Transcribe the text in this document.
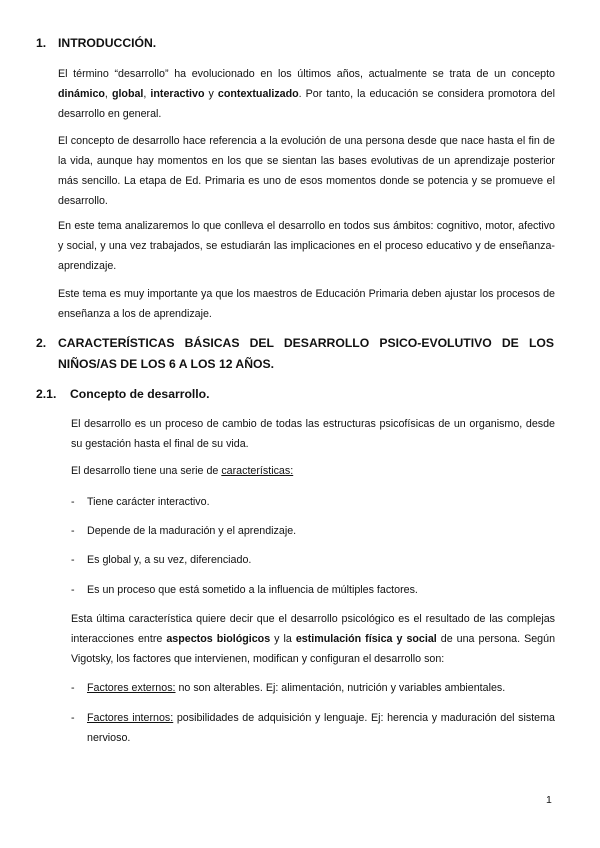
1. INTRODUCCIÓN.

El término “desarrollo” ha evolucionado en los últimos años, actualmente se trata de un concepto dinámico, global, interactivo y contextualizado. Por tanto, la educación se considera promotora del desarrollo en general.

El concepto de desarrollo hace referencia a la evolución de una persona desde que nace hasta el fin de la vida, aunque hay momentos en los que se sientan las bases evolutivas de un aprendizaje posterior más sencillo. La etapa de Ed. Primaria es uno de esos momentos donde se potencia y se promueve el desarrollo.

En este tema analizaremos lo que conlleva el desarrollo en todos sus ámbitos: cognitivo, motor, afectivo y social, y una vez trabajados, se estudiarán las implicaciones en el proceso educativo y de enseñanza-aprendizaje.

Este tema es muy importante ya que los maestros de Educación Primaria deben ajustar los procesos de enseñanza a los de aprendizaje.

2. CARACTERÍSTICAS BÁSICAS DEL DESARROLLO PSICO-EVOLUTIVO DE LOS NIÑOS/AS DE LOS 6 A LOS 12 AÑOS.
2.1. Concepto de desarrollo.

El desarrollo es un proceso de cambio de todas las estructuras psicofísicas de un organismo, desde su gestación hasta el final de su vida.

El desarrollo tiene una serie de características:

- Tiene carácter interactivo.
- Depende de la maduración y el aprendizaje.
- Es global y, a su vez, diferenciado.
- Es un proceso que está sometido a la influencia de múltiples factores.

Esta última característica quiere decir que el desarrollo psicológico es el resultado de las complejas interacciones entre aspectos biológicos y la estimulación física y social de una persona. Según Vigotsky, los factores que intervienen, modifican y configuran el desarrollo son:

- Factores externos: no son alterables. Ej: alimentación, nutrición y variables ambientales.
- Factores internos: posibilidades de adquisición y lenguaje. Ej: herencia y maduración del sistema nervioso.
1
